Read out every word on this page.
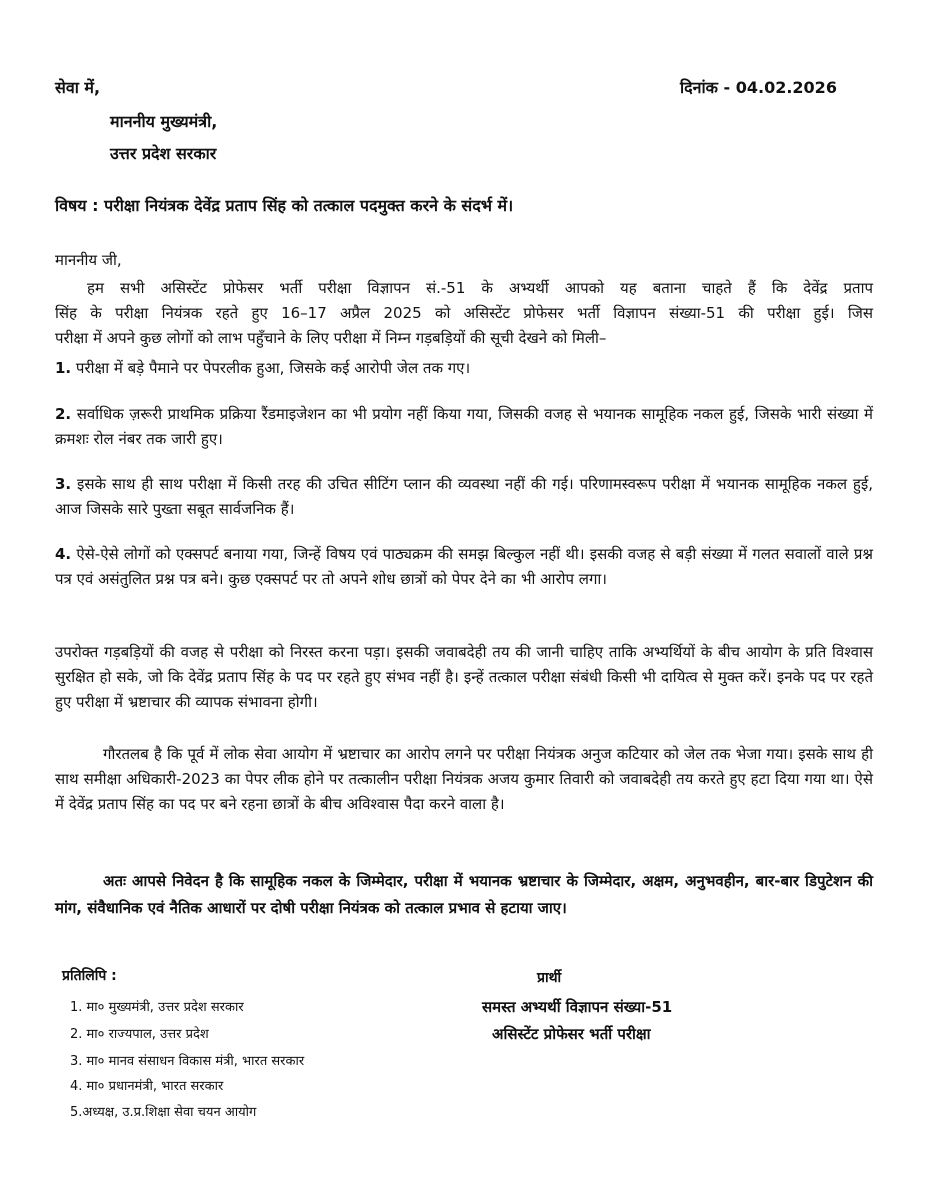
सेवा में,	दिनांक - 04.02.2026
माननीय मुख्यमंत्री,
उत्तर प्रदेश सरकार
विषय : परीक्षा नियंत्रक देवेंद्र प्रताप सिंह को तत्काल पदमुक्त करने के संदर्भ में।
माननीय जी,
हम सभी असिस्टेंट प्रोफेसर भर्ती परीक्षा विज्ञापन सं.-51 के अभ्यर्थी आपको यह बताना चाहते हैं कि देवेंद्र प्रताप
सिंह के परीक्षा नियंत्रक रहते हुए 16–17 अप्रैल 2025 को असिस्टेंट प्रोफेसर भर्ती विज्ञापन संख्या-51 की परीक्षा हुई। जिस
परीक्षा में अपने कुछ लोगों को लाभ पहुँचाने के लिए परीक्षा में निम्न गड़बड़ियों की सूची देखने को मिली–
1. परीक्षा में बड़े पैमाने पर पेपरलीक हुआ, जिसके कई आरोपी जेल तक गए।
2. सर्वाधिक ज़रूरी प्राथमिक प्रक्रिया रैंडमाइजेशन का भी प्रयोग नहीं किया गया, जिसकी वजह से भयानक सामूहिक नकल हुई, जिसके भारी संख्या में क्रमशः रोल नंबर तक जारी हुए।
3. इसके साथ ही साथ परीक्षा में किसी तरह की उचित सीटिंग प्लान की व्यवस्था नहीं की गई। परिणामस्वरूप परीक्षा में भयानक सामूहिक नकल हुई, आज जिसके सारे पुख्ता सबूत सार्वजनिक हैं।
4. ऐसे-ऐसे लोगों को एक्सपर्ट बनाया गया, जिन्हें विषय एवं पाठ्यक्रम की समझ बिल्कुल नहीं थी। इसकी वजह से बड़ी संख्या में गलत सवालों वाले प्रश्न पत्र एवं असंतुलित प्रश्न पत्र बने। कुछ एक्सपर्ट पर तो अपने शोध छात्रों को पेपर देने का भी आरोप लगा।
उपरोक्त गड़बड़ियों की वजह से परीक्षा को निरस्त करना पड़ा। इसकी जवाबदेही तय की जानी चाहिए ताकि अभ्यर्थियों के बीच आयोग के प्रति विश्वास सुरक्षित हो सके, जो कि देवेंद्र प्रताप सिंह के पद पर रहते हुए संभव नहीं है। इन्हें तत्काल परीक्षा संबंधी किसी भी दायित्व से मुक्त करें। इनके पद पर रहते हुए परीक्षा में भ्रष्टाचार की व्यापक संभावना होगी।
गौरतलब है कि पूर्व में लोक सेवा आयोग में भ्रष्टाचार का आरोप लगने पर परीक्षा नियंत्रक अनुज कटियार को जेल तक भेजा गया। इसके साथ ही साथ समीक्षा अधिकारी-2023 का पेपर लीक होने पर तत्कालीन परीक्षा नियंत्रक अजय कुमार तिवारी को जवाबदेही तय करते हुए हटा दिया गया था। ऐसे में देवेंद्र प्रताप सिंह का पद पर बने रहना छात्रों के बीच अविश्वास पैदा करने वाला है।
अतः आपसे निवेदन है कि सामूहिक नकल के जिम्मेदार, परीक्षा में भयानक भ्रष्टाचार के जिम्मेदार, अक्षम, अनुभवहीन, बार-बार डिपुटेशन की मांग, संवैधानिक एवं नैतिक आधारों पर दोषी परीक्षा नियंत्रक को तत्काल प्रभाव से हटाया जाए।
प्रतिलिपि :
1. मा० मुख्यमंत्री, उत्तर प्रदेश सरकार
2. मा० राज्यपाल, उत्तर प्रदेश
3. मा० मानव संसाधन विकास मंत्री, भारत सरकार
4. मा० प्रधानमंत्री, भारत सरकार
5.अध्यक्ष, उ.प्र.शिक्षा सेवा चयन आयोग
प्रार्थी
समस्त अभ्यर्थी विज्ञापन संख्या-51
असिस्टेंट प्रोफेसर भर्ती परीक्षा
